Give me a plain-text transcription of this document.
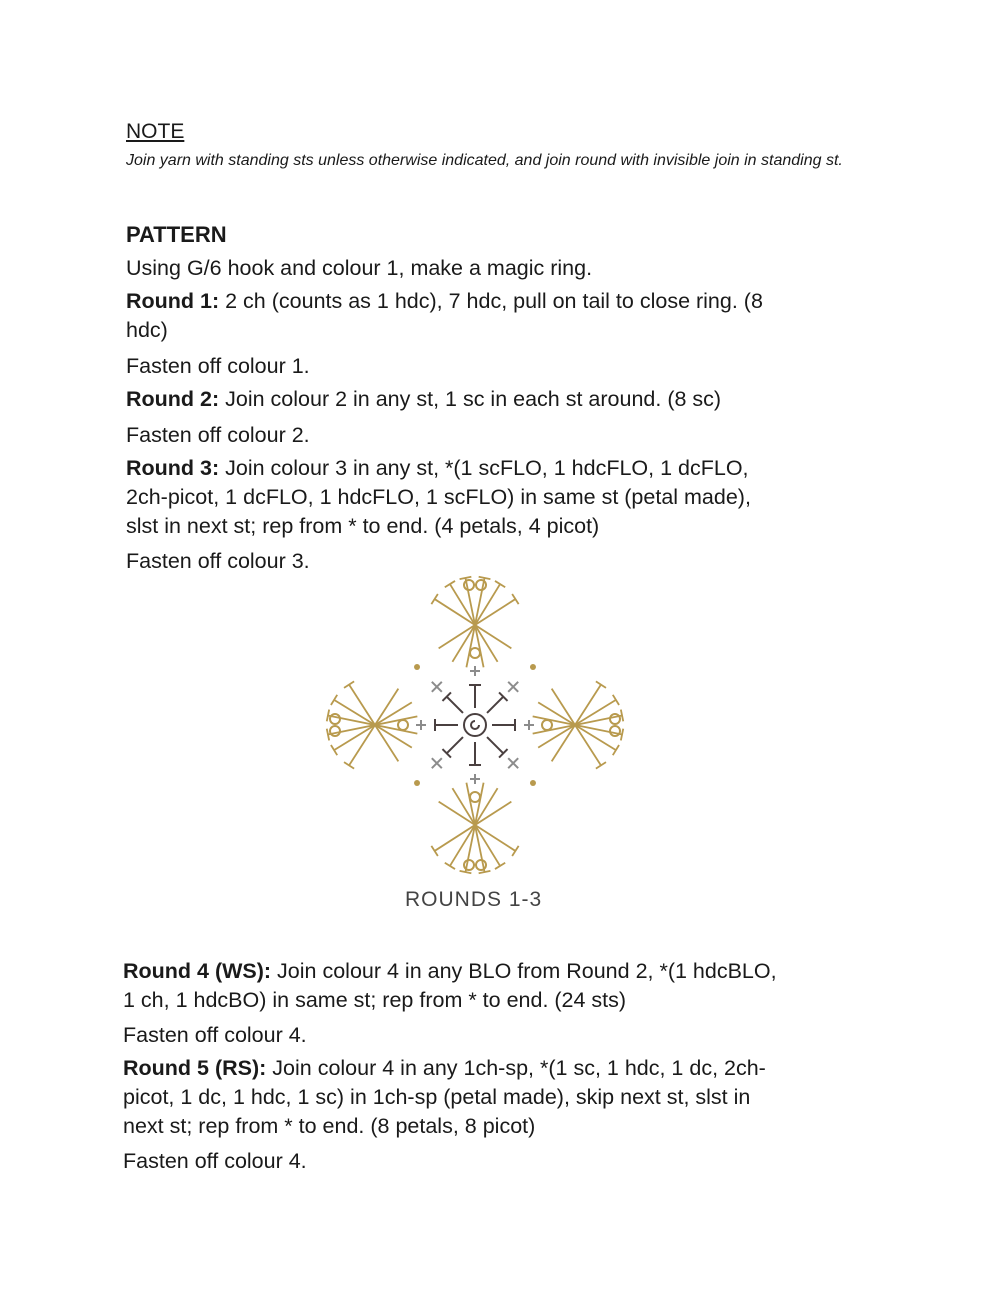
NOTE
Join yarn with standing sts unless otherwise indicated, and join round with invisible join in standing st.
PATTERN
Using G/6 hook and colour 1, make a magic ring.
Round 1: 2 ch (counts as 1 hdc), 7 hdc, pull on tail to close ring. (8
hdc)
Fasten off colour 1.
Round 2: Join colour 2 in any st, 1 sc in each st around. (8 sc)
Fasten off colour 2.
Round 3: Join colour 3 in any st, *(1 scFLO, 1 hdcFLO, 1 dcFLO,
2ch-picot, 1 dcFLO, 1 hdcFLO, 1 scFLO) in same st (petal made),
slst in next st; rep from * to end. (4 petals, 4 picot)
Fasten off colour 3.
ROUNDS 1-3
Round 4 (WS): Join colour 4 in any BLO from Round 2, *(1 hdcBLO,
1 ch, 1 hdcBO) in same st; rep from * to end. (24 sts)
Fasten off colour 4.
Round 5 (RS): Join colour 4 in any 1ch-sp, *(1 sc, 1 hdc, 1 dc, 2ch-
picot, 1 dc, 1 hdc, 1 sc) in 1ch-sp (petal made), skip next st, slst in
next st; rep from * to end. (8 petals, 8 picot)
Fasten off colour 4.
